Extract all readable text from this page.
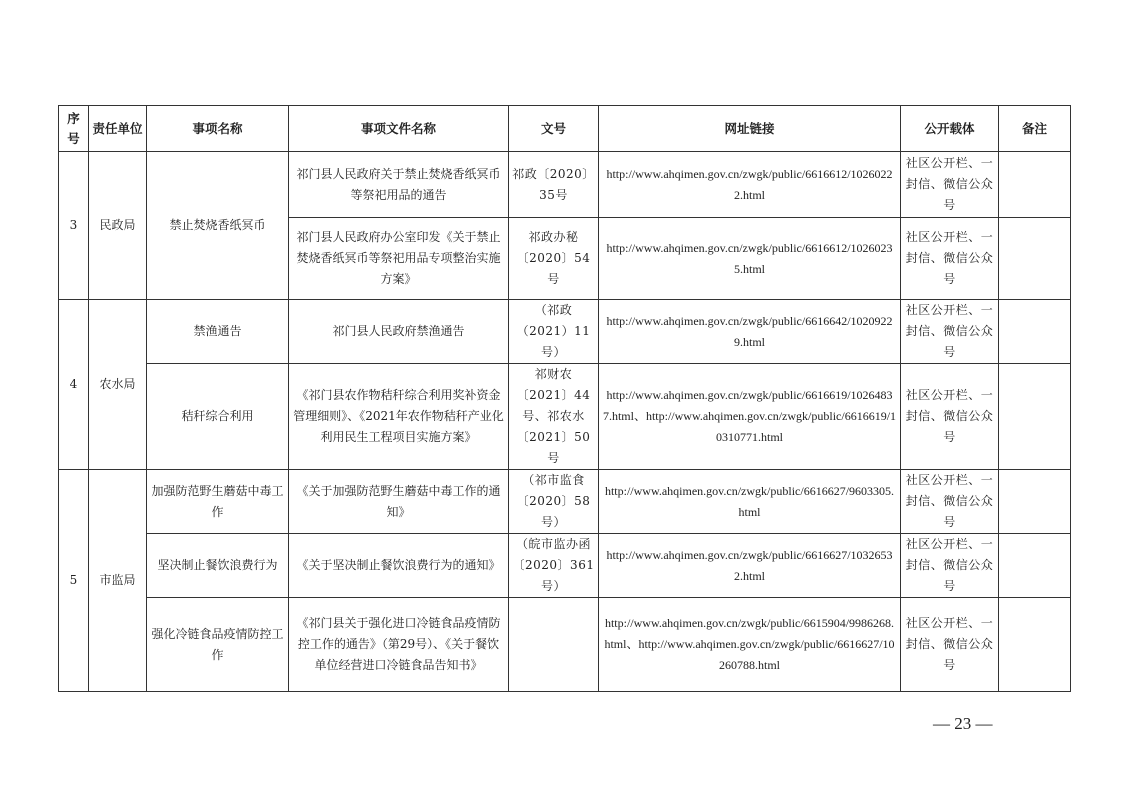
序号	责任单位	事项名称	事项文件名称	文号	网址链接	公开载体	备注
3	民政局	禁止焚烧香纸冥币	祁门县人民政府关于禁止焚烧香纸冥币等祭祀用品的通告	祁政〔2020〕35号	http://www.ahqimen.gov.cn/zwgk/public/6616612/10260222.html	社区公开栏、一封信、微信公众号	
			祁门县人民政府办公室印发《关于禁止焚烧香纸冥币等祭祀用品专项整治实施方案》	祁政办秘〔2020〕54号	http://www.ahqimen.gov.cn/zwgk/public/6616612/10260235.html	社区公开栏、一封信、微信公众号	
4	农水局	禁渔通告	祁门县人民政府禁渔通告	（祁政（2021）11号）	http://www.ahqimen.gov.cn/zwgk/public/6616642/10209229.html	社区公开栏、一封信、微信公众号	
		秸秆综合利用	《祁门县农作物秸秆综合利用奖补资金管理细则》、《2021年农作物秸秆产业化利用民生工程项目实施方案》	祁财农〔2021〕44号、祁农水〔2021〕50号	http://www.ahqimen.gov.cn/zwgk/public/6616619/10264837.html、http://www.ahqimen.gov.cn/zwgk/public/6616619/10310771.html	社区公开栏、一封信、微信公众号	
5	市监局	加强防范野生蘑菇中毒工作	《关于加强防范野生蘑菇中毒工作的通知》	（祁市监食〔2020〕58号）	http://www.ahqimen.gov.cn/zwgk/public/6616627/9603305.html	社区公开栏、一封信、微信公众号	
		坚决制止餐饮浪费行为	《关于坚决制止餐饮浪费行为的通知》	（皖市监办函〔2020〕361号）	http://www.ahqimen.gov.cn/zwgk/public/6616627/10326532.html	社区公开栏、一封信、微信公众号	
		强化冷链食品疫情防控工作	《祁门县关于强化进口冷链食品疫情防控工作的通告》（第29号）、《关于餐饮单位经营进口冷链食品告知书》		http://www.ahqimen.gov.cn/zwgk/public/6615904/9986268.html、http://www.ahqimen.gov.cn/zwgk/public/6616627/10260788.html	社区公开栏、一封信、微信公众号	
— 23 —
